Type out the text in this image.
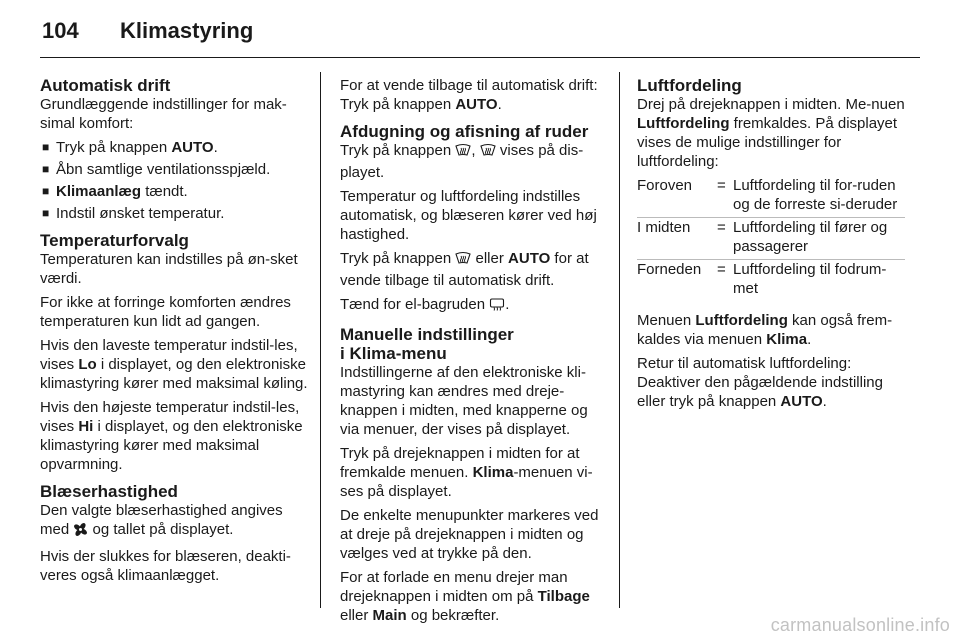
104 Klimastyring
Automatisk drift

Grundlæggende indstillinger for mak-simal komfort:

■ Tryk på knappen AUTO.
■ Åbn samtlige ventilationsspjæld.
■ Klimaanlæg tændt.
■ Indstil ønsket temperatur.
Temperaturforvalg

Temperaturen kan indstilles på øn-sket værdi.

For ikke at forringe komforten ændres temperaturen kun lidt ad gangen.

Hvis den laveste temperatur indstil-les, vises Lo i displayet, og den elektroniske klimastyring kører med maksimal køling.

Hvis den højeste temperatur indstil-les, vises Hi i displayet, og den elektroniske klimastyring kører med maksimal opvarmning.

Blæserhastighed

Den valgte blæserhastighed angives med  og tallet på displayet.

Hvis der slukkes for blæseren, deakti-veres også klimaanlægget.

For at vende tilbage til automatisk drift: Tryk på knappen AUTO.

Afdugning og afisning af ruder

Tryk på knappen ,  vises på dis-playet.

Temperatur og luftfordeling indstilles automatisk, og blæseren kører ved høj hastighed.

Tryk på knappen  eller AUTO for at vende tilbage til automatisk drift.

Tænd for el-bagruden .

Manuelle indstillinger
i Klima-menu

Indstillingerne af den elektroniske kli-mastyring kan ændres med dreje-knappen i midten, med knapperne og via menuer, der vises på displayet.

Tryk på drejeknappen i midten for at fremkalde menuen. Klima-menuen vi-ses på displayet.

De enkelte menupunkter markeres ved at dreje på drejeknappen i midten og vælges ved at trykke på den.

For at forlade en menu drejer man drejeknappen i midten om på Tilbage eller Main og bekræfter.

Luftfordeling

Drej på drejeknappen i midten. Me-nuen Luftfordeling fremkaldes. På displayet vises de mulige indstillinger for luftfordeling:

Foroven	=	Luftfordeling til for-ruden og de forreste si-deruder
I midten	=	Luftfordeling til fører og passagerer
Forneden	=	Luftfordeling til fodrum-met

Menuen Luftfordeling kan også frem-kaldes via menuen Klima.

Retur til automatisk luftfordeling: Deaktiver den pågældende indstilling eller tryk på knappen AUTO.

carmanualsonline.info
